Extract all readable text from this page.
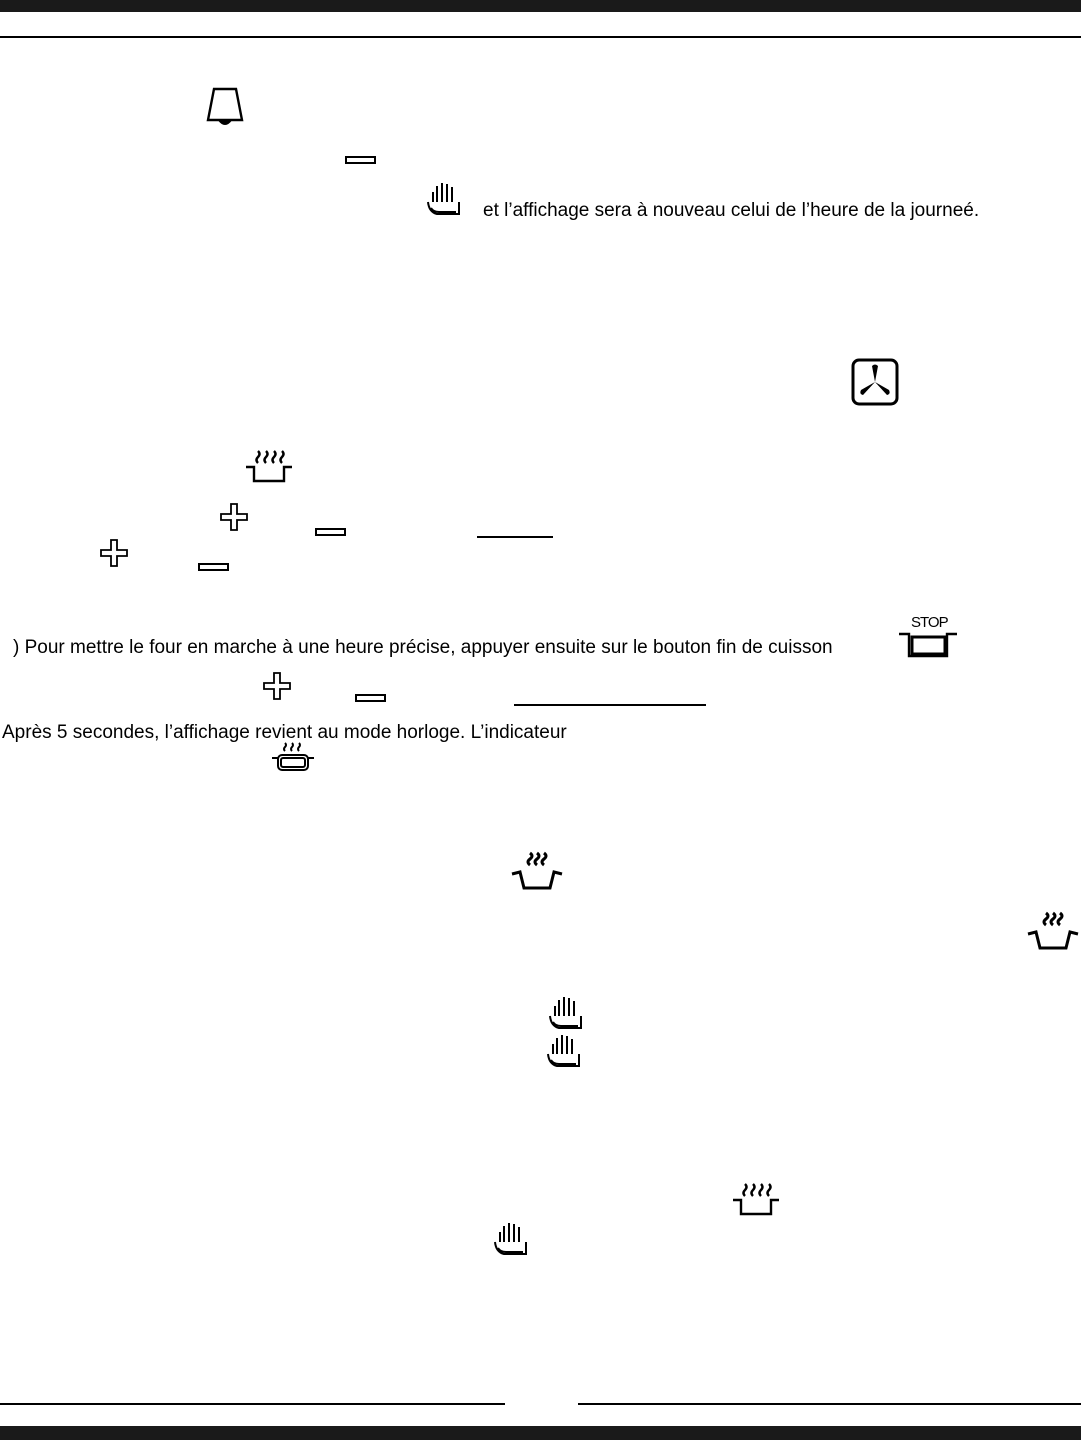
et l’affichage sera à nouveau celui de l’heure de la journeé.
) Pour mettre le four en marche à une heure précise, appuyer ensuite sur le bouton fin de cuisson
STOP
Après 5 secondes, l’affichage revient au mode horloge. L’indicateur
